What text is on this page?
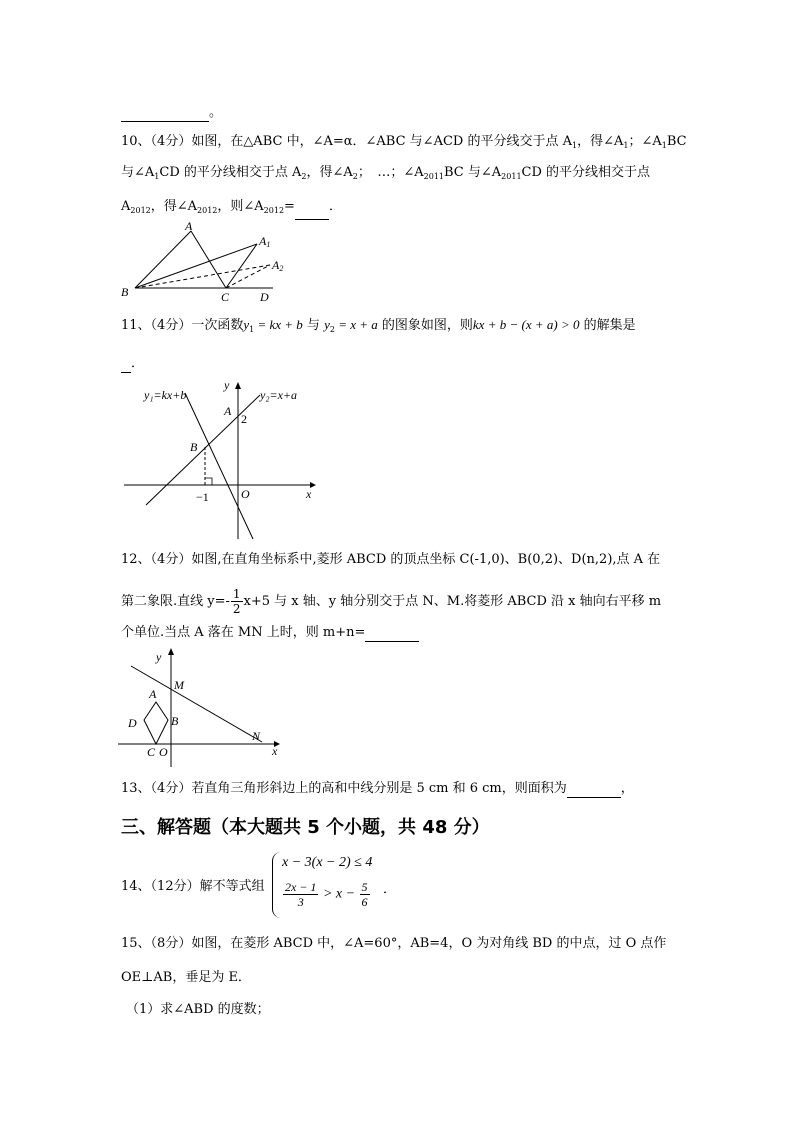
。
10、（4分）如图，在△ABC 中，∠A=α．∠ABC 与∠ACD 的平分线交于点 $A_1$，得$\angle A_1$；$\angle A_1BC$
与$\angle A_1CD$ 的平分线相交于点 $A_2$，得$\angle A_2$；　…；$\angle A_{2011}BC$ 与$\angle A_{2011}CD$ 的平分线相交于点
$A_{2012}$，得$\angle A_{2012}$，则$\angle A_{2012}=$	．
A
A1
A2
B	C	D
11、（4分）一次函数$y_1$ = kx + b 与 $y_2 = x + a$ 的图象如图，则kx + b − (x + a) > 0 的解集是
．
y₁=kx+b	y₂=x+a
y
x
A
2
B
−1	O
12、（4分）如图,在直角坐标系中,菱形 ABCD 的顶点坐标 C(-1,0)、B(0,2)、D(n,2),点 A 在
第二象限.直线 $y=- \frac{1}{2} x+5$ 与 x 轴、y 轴分别交于点 N、M.将菱形 ABCD 沿 x 轴向右平移 m
个单位.当点 A 落在 MN 上时，则 m+n=
y
x
M
A
B
D
C O
N
13、（4分）若直角三角形斜边上的高和中线分别是 5 cm 和 6 cm，则面积为	，
三、解答题（本大题共 5 个小题，共 48 分）
14、（12分）解不等式组
x − 3(x − 2) ≤ 4
$\frac{2x - 1}{3} > x - \frac{5}{6}$ ．
15、（8分）如图，在菱形 ABCD 中，∠A=60°，AB=4，O 为对角线 BD 的中点，过 O 点作
OE⊥AB，垂足为 E．
（1）求∠ABD 的度数；
